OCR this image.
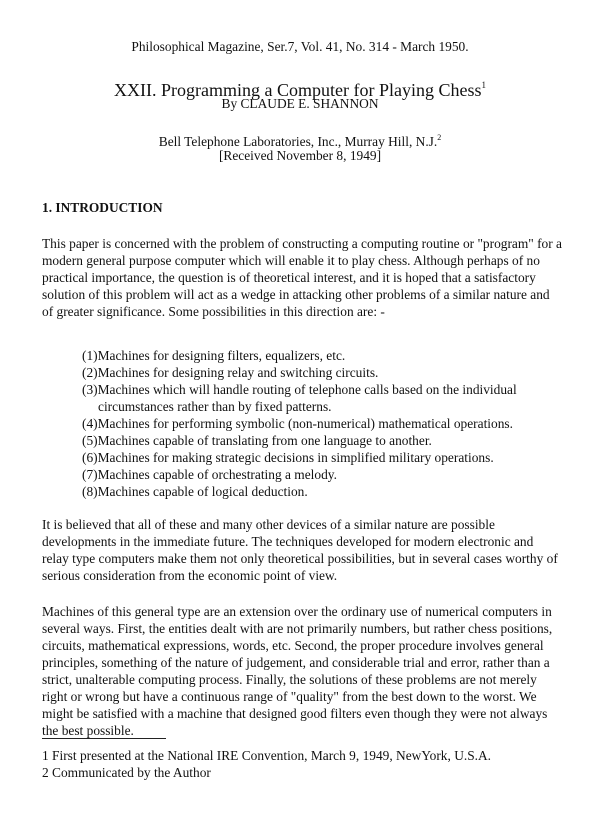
Philosophical Magazine, Ser.7, Vol. 41, No. 314 - March 1950.
XXII. Programming a Computer for Playing Chess$^1$
By CLAUDE E. SHANNON
Bell Telephone Laboratories, Inc., Murray Hill, N.J.$^2$
[Received November 8, 1949]
1. INTRODUCTION

This paper is concerned with the problem of constructing a computing routine or "program" for a modern general purpose computer which will enable it to play chess. Although perhaps of no practical importance, the question is of theoretical interest, and it is hoped that a satisfactory solution of this problem will act as a wedge in attacking other problems of a similar nature and of greater significance. Some possibilities in this direction are: -

(1)Machines for designing filters, equalizers, etc.
(2)Machines for designing relay and switching circuits.
(3)Machines which will handle routing of telephone calls based on the individual circumstances rather than by fixed patterns.
(4)Machines for performing symbolic (non-numerical) mathematical operations.
(5)Machines capable of translating from one language to another.
(6)Machines for making strategic decisions in simplified military operations.
(7)Machines capable of orchestrating a melody.
(8)Machines capable of logical deduction.

It is believed that all of these and many other devices of a similar nature are possible developments in the immediate future. The techniques developed for modern electronic and relay type computers make them not only theoretical possibilities, but in several cases worthy of serious consideration from the economic point of view.

Machines of this general type are an extension over the ordinary use of numerical computers in several ways. First, the entities dealt with are not primarily numbers, but rather chess positions, circuits, mathematical expressions, words, etc. Second, the proper procedure involves general principles, something of the nature of judgement, and considerable trial and error, rather than a strict, unalterable computing process. Finally, the solutions of these problems are not merely right or wrong but have a continuous range of "quality" from the best down to the worst. We might be satisfied with a machine that designed good filters even though they were not always the best possible.

1 First presented at the National IRE Convention, March 9, 1949, NewYork, U.S.A.
2 Communicated by the Author
